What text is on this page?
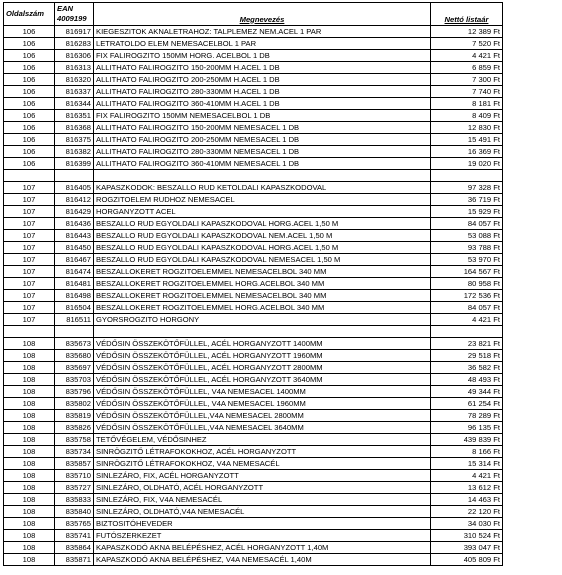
Oldalszám	EAN 4009199		
		Megnevezés	Nettó listaár
106	816917	KIEGESZITOK AKNALETRAHOZ: TALPLEMEZ NEM.ACEL 1 PAR	12 389 Ft
106	816283	LETRATOLDO ELEM NEMESACELBOL 1 PAR	7 520 Ft
106	816306	FIX FALIROGZITO 150MM HORG. ACELBOL 1 DB	4 421 Ft
106	816313	ALLITHATO FALIROGZITO 150-200MM H.ACEL 1 DB	6 859 Ft
106	816320	ALLITHATO FALIROGZITO 200-250MM H.ACEL 1 DB	7 300 Ft
106	816337	ALLITHATO FALIROGZITO 280-330MM H.ACEL 1 DB	7 740 Ft
106	816344	ALLITHATO FALIROGZITO 360-410MM H.ACEL 1 DB	8 181 Ft
106	816351	FIX FALIROGZITO 150MM NEMESACELBOL 1 DB	8 409 Ft
106	816368	ALLITHATO FALIROGZITO 150-200MM NEMESACEL 1 DB	12 830 Ft
106	816375	ALLITHATO FALIROGZITO 200-250MM NEMESACEL 1 DB	15 491 Ft
106	816382	ALLITHATO FALIROGZITO 280-330MM NEMESACEL 1 DB	16 369 Ft
106	816399	ALLITHATO FALIROGZITO 360-410MM NEMESACEL 1 DB	19 020 Ft

107	816405	KAPASZKODOK: BESZALLO RUD KETOLDALI KAPASZKODOVAL	97 328 Ft
107	816412	ROGZITOELEM RUDHOZ NEMESACEL	36 719 Ft
107	816429	HORGANYZOTT ACEL	15 929 Ft
107	816436	BESZALLO RUD EGYOLDALI KAPASZKODOVAL HORG.ACEL 1,50 M	84 057 Ft
107	816443	BESZALLO RUD EGYOLDALI KAPASZKODOVAL NEM.ACEL 1,50 M	53 088 Ft
107	816450	BESZALLO RUD EGYOLDALI KAPASZKODOVAL HORG.ACEL 1,50 M	93 788 Ft
107	816467	BESZALLO RUD EGYOLDALI KAPASZKODOVAL NEMESACEL 1,50 M	53 970 Ft
107	816474	BESZALLOKERET ROGZITOELEMMEL NEMESACELBOL 340 MM	164 567 Ft
107	816481	BESZALLOKERET ROGZITOELEMMEL HORG.ACELBOL 340 MM	80 958 Ft
107	816498	BESZALLOKERET ROGZITOELEMMEL NEMESACELBOL 340 MM	172 536 Ft
107	816504	BESZALLOKERET ROGZITOELEMMEL HORG.ACELBOL 340 MM	84 057 Ft
107	816511	GYORSROGZITO HORGONY	4 421 Ft

108	835673	VÉDŐSIN ÖSSZEKÖTŐFÜLLEL, ACÉL HORGANYZOTT 1400MM	23 821 Ft
108	835680	VÉDŐSIN ÖSSZEKÖTŐFÜLLEL, ACÉL HORGANYZOTT 1960MM	29 518 Ft
108	835697	VÉDŐSIN ÖSSZEKÖTŐFÜLLEL, ACÉL HORGANYZOTT 2800MM	36 582 Ft
108	835703	VÉDŐSIN ÖSSZEKÖTŐFÜLLEL, ACÉL HORGANYZOTT 3640MM	48 493 Ft
108	835796	VÉDŐSIN ÖSSZEKÖTŐFÜLLEL, V4A NEMESACEL 1400MM	49 344 Ft
108	835802	VÉDŐSIN ÖSSZEKÖTŐFÜLLEL, V4A NEMESACEL 1960MM	61 254 Ft
108	835819	VÉDŐSIN ÖSSZEKÖTŐFÜLLEL,V4A NEMESACEL 2800MM	78 289 Ft
108	835826	VÉDŐSIN ÖSSZEKÖTŐFÜLLEL,V4A NEMESACEL 3640MM	96 135 Ft
108	835758	TETŐVÉGELEM, VÉDŐSINHEZ	439 839 Ft
108	835734	SINRÖGZITŐ LÉTRAFOKOKHOZ, ACÉL HORGANYZOTT	8 166 Ft
108	835857	SINRÖGZITŐ LÉTRAFOKOKHOZ, V4A NEMESACÉL	15 314 Ft
108	835710	SINLEZÁRO, FIX, ACÉL HORGANYZOTT	4 421 Ft
108	835727	SINLEZÁRO, OLDHATÓ, ACÉL HORGANYZOTT	13 612 Ft
108	835833	SINLEZÁRO, FIX, V4A NEMESACÉL	14 463 Ft
108	835840	SINLEZÁRO, OLDHATÓ,V4A NEMESACÉL	22 120 Ft
108	835765	BIZTOSITÓHEVEDER	34 030 Ft
108	835741	FUTÓSZERKEZET	310 524 Ft
108	835864	KAPASZKODÓ AKNA BELÉPÉSHEZ, ACÉL HORGANYZOTT 1,40M	393 047 Ft
108	835871	KAPASZKODÓ AKNA BELÉPÉSHEZ, V4A NEMESACÉL 1,40M	405 809 Ft
